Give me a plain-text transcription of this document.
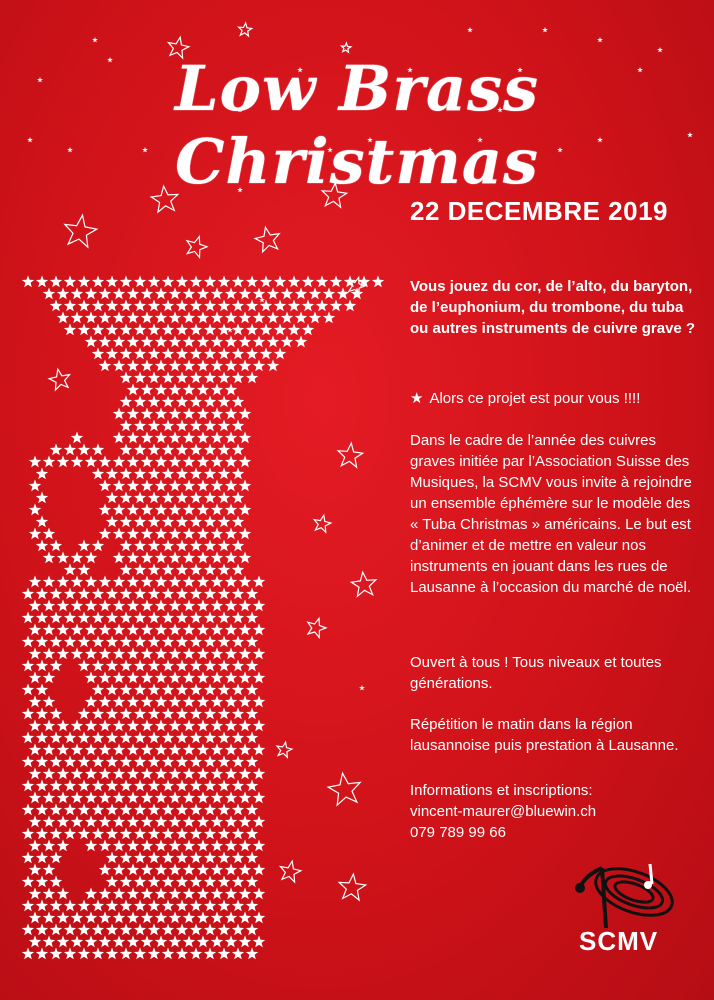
Low Brass Christmas
22 DECEMBRE 2019
Vous jouez du cor, de l’alto, du baryton, de l’euphonium, du trombone, du tuba ou autres instruments de cuivre grave ?
★ Alors ce projet est pour vous !!!!
Dans le cadre de l’année des cuivres graves initiée par l’Association Suisse des Musiques, la SCMV vous invite à rejoindre un ensemble éphémère sur le modèle des « Tuba Christmas » américains. Le but est d’animer et de mettre en valeur nos instruments en jouant dans les rues de Lausanne à l’occasion du marché de noël.
Ouvert à tous ! Tous niveaux et toutes générations.
Répétition le matin dans la région lausannoise puis prestation à Lausanne.
Informations et inscriptions:
vincent-maurer@bluewin.ch
079 789 99 66
SCMV
